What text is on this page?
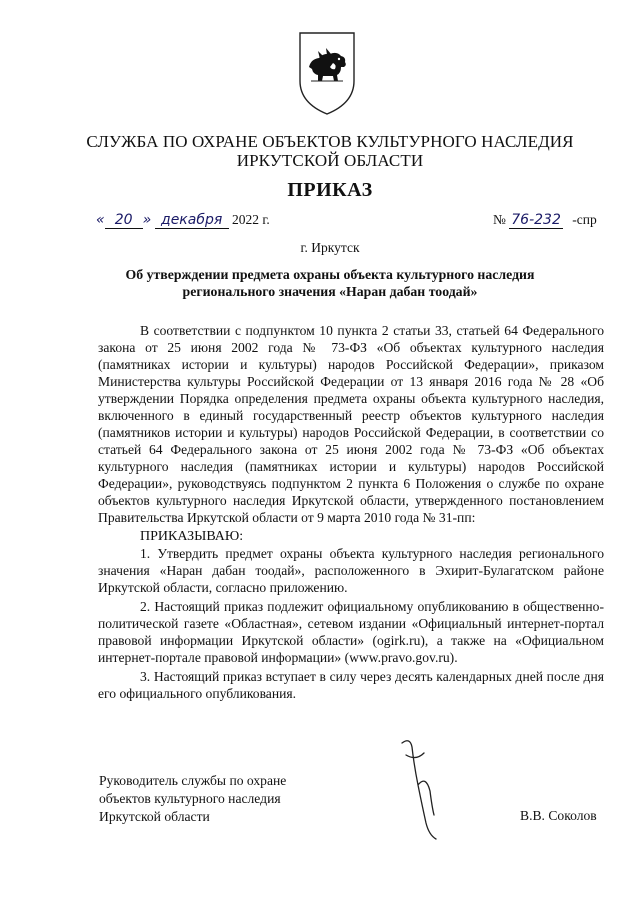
СЛУЖБА ПО ОХРАНЕ ОБЪЕКТОВ КУЛЬТУРНОГО НАСЛЕДИЯ
ИРКУТСКОЙ ОБЛАСТИ
ПРИКАЗ
« 20 » декабря 2022 г.	№ 76-232 -спр
г. Иркутск
Об утверждении предмета охраны объекта культурного наследия регионального значения «Наран дабан тоодай»

В соответствии с подпунктом 10 пункта 2 статьи 33, статьей 64 Федерального закона от 25 июня 2002 года № 73-ФЗ «Об объектах культурного наследия (памятниках истории и культуры) народов Российской Федерации», приказом Министерства культуры Российской Федерации от 13 января 2016 года № 28 «Об утверждении Порядка определения предмета охраны объекта культурного наследия, включенного в единый государственный реестр объектов культурного наследия (памятников истории и культуры) народов Российской Федерации, в соответствии со статьей 64 Федерального закона от 25 июня 2002 года № 73-ФЗ «Об объектах культурного наследия (памятниках истории и культуры) народов Российской Федерации», руководствуясь подпунктом 2 пункта 6 Положения о службе по охране объектов культурного наследия Иркутской области, утвержденного постановлением Правительства Иркутской области от 9 марта 2010 года № 31-пп:

ПРИКАЗЫВАЮ:

1. Утвердить предмет охраны объекта культурного наследия регионального значения «Наран дабан тоодай», расположенного в Эхирит-Булагатском районе Иркутской области, согласно приложению.

2. Настоящий приказ подлежит официальному опубликованию в общественно-политической газете «Областная», сетевом издании «Официальный интернет-портал правовой информации Иркутской области» (ogirk.ru), а также на «Официальном интернет-портале правовой информации» (www.pravo.gov.ru).

3. Настоящий приказ вступает в силу через десять календарных дней после дня его официального опубликования.

Руководитель службы по охране
объектов культурного наследия
Иркутской области	В.В. Соколов
